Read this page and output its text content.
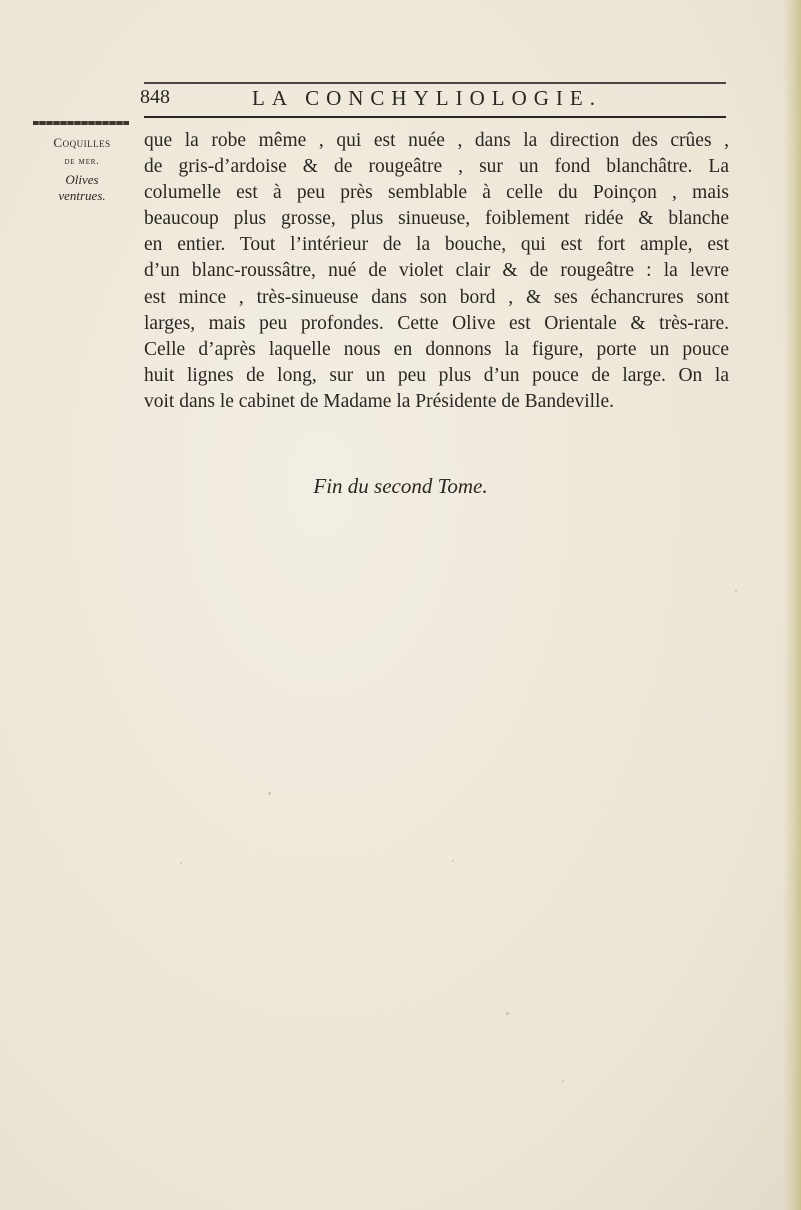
848	LA CONCHYLIOLOGIE.
Coquilles
de mer.
Olives
ventrues.
que la robe même , qui est nuée , dans la direction des crûes ,
de gris-d’ardoise & de rougeâtre , sur un fond blanchâtre. La
columelle est à peu près semblable à celle du Poinçon , mais
beaucoup plus grosse, plus sinueuse, foiblement ridée & blanche
en entier. Tout l’intérieur de la bouche, qui est fort ample, est
d’un blanc-roussâtre, nué de violet clair & de rougeâtre : la levre
est mince , très-sinueuse dans son bord , & ses échancrures sont
larges, mais peu profondes. Cette Olive est Orientale & très-rare.
Celle d’après laquelle nous en donnons la figure, porte un pouce
huit lignes de long, sur un peu plus d’un pouce de large. On la
voit dans le cabinet de Madame la Présidente de Bandeville.
Fin du second Tome.
